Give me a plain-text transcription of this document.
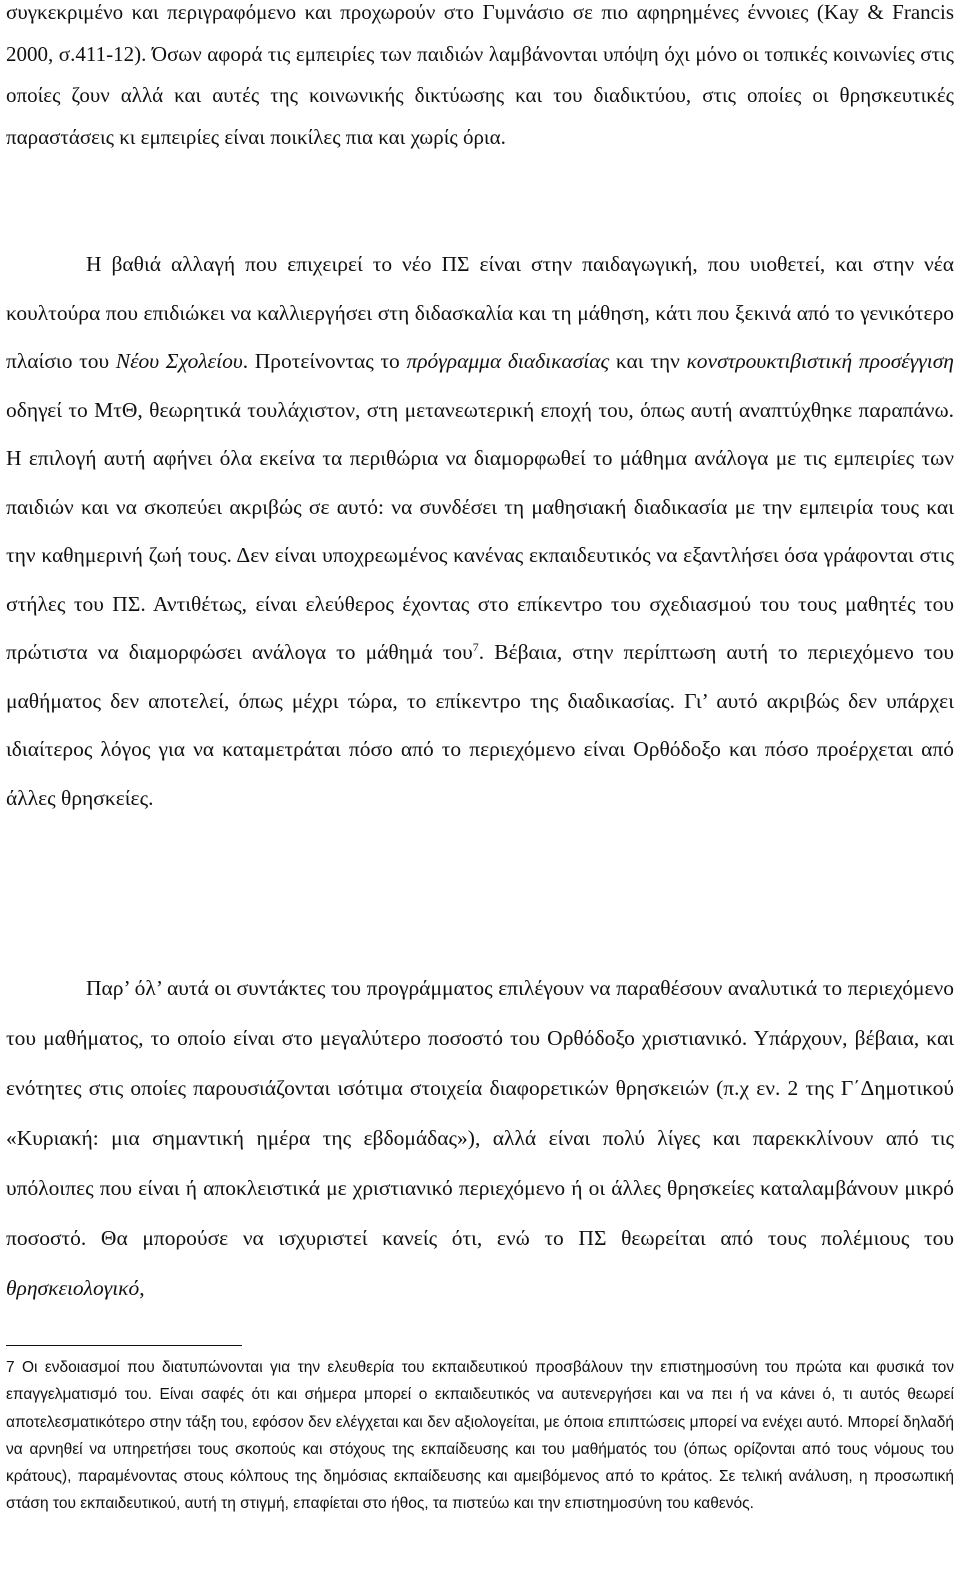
συγκεκριμένο και περιγραφόμενο και προχωρούν στο Γυμνάσιο σε πιο αφηρημένες έννοιες (Kay & Francis 2000, σ.411-12). Όσων αφορά τις εμπειρίες των παιδιών λαμβάνονται υπόψη όχι μόνο οι τοπικές κοινωνίες στις οποίες ζουν αλλά και αυτές της κοινωνικής δικτύωσης και του διαδικτύου, στις οποίες οι θρησκευτικές παραστάσεις κι εμπειρίες είναι ποικίλες πια και χωρίς όρια.

Η βαθιά αλλαγή που επιχειρεί το νέο ΠΣ είναι στην παιδαγωγική, που υιοθετεί, και στην νέα κουλτούρα που επιδιώκει να καλλιεργήσει στη διδασκαλία και τη μάθηση, κάτι που ξεκινά από το γενικότερο πλαίσιο του Νέου Σχολείου. Προτείνοντας το πρόγραμμα διαδικασίας και την κονστρουκτιβιστική προσέγγιση οδηγεί το ΜτΘ, θεωρητικά τουλάχιστον, στη μετανεωτερική εποχή του, όπως αυτή αναπτύχθηκε παραπάνω. Η επιλογή αυτή αφήνει όλα εκείνα τα περιθώρια να διαμορφωθεί το μάθημα ανάλογα με τις εμπειρίες των παιδιών και να σκοπεύει ακριβώς σε αυτό: να συνδέσει τη μαθησιακή διαδικασία με την εμπειρία τους και την καθημερινή ζωή τους. Δεν είναι υποχρεωμένος κανένας εκπαιδευτικός να εξαντλήσει όσα γράφονται στις στήλες του ΠΣ. Αντιθέτως, είναι ελεύθερος έχοντας στο επίκεντρο του σχεδιασμού του τους μαθητές του πρώτιστα να διαμορφώσει ανάλογα το μάθημά του$^7$. Βέβαια, στην περίπτωση αυτή το περιεχόμενο του μαθήματος δεν αποτελεί, όπως μέχρι τώρα, το επίκεντρο της διαδικασίας. Γι’ αυτό ακριβώς δεν υπάρχει ιδιαίτερος λόγος για να καταμετράται πόσο από το περιεχόμενο είναι Ορθόδοξο και πόσο προέρχεται από άλλες θρησκείες.

Παρ’ όλ’ αυτά οι συντάκτες του προγράμματος επιλέγουν να παραθέσουν αναλυτικά το περιεχόμενο του μαθήματος, το οποίο είναι στο μεγαλύτερο ποσοστό του Ορθόδοξο χριστιανικό. Υπάρχουν, βέβαια, και ενότητες στις οποίες παρουσιάζονται ισότιμα στοιχεία διαφορετικών θρησκειών (π.χ εν. 2 της Γ΄Δημοτικού «Κυριακή: μια σημαντική ημέρα της εβδομάδας»), αλλά είναι πολύ λίγες και παρεκκλίνουν από τις υπόλοιπες που είναι ή αποκλειστικά με χριστιανικό περιεχόμενο ή οι άλλες θρησκείες καταλαμβάνουν μικρό ποσοστό. Θα μπορούσε να ισχυριστεί κανείς ότι, ενώ το ΠΣ θεωρείται από τους πολέμιους του θρησκειολογικό,

7 Οι ενδοιασμοί που διατυπώνονται για την ελευθερία του εκπαιδευτικού προσβάλουν την επιστημοσύνη του πρώτα και φυσικά τον επαγγελματισμό του. Είναι σαφές ότι και σήμερα μπορεί ο εκπαιδευτικός να αυτενεργήσει και να πει ή να κάνει ό, τι αυτός θεωρεί αποτελεσματικότερο στην τάξη του, εφόσον δεν ελέγχεται και δεν αξιολογείται, με όποια επιπτώσεις μπορεί να ενέχει αυτό. Μπορεί δηλαδή να αρνηθεί να υπηρετήσει τους σκοπούς και στόχους της εκπαίδευσης και του μαθήματός του (όπως ορίζονται από τους νόμους του κράτους), παραμένοντας στους κόλπους της δημόσιας εκπαίδευσης και αμειβόμενος από το κράτος. Σε τελική ανάλυση, η προσωπική στάση του εκπαιδευτικού, αυτή τη στιγμή, επαφίεται στο ήθος, τα πιστεύω και την επιστημοσύνη του καθενός.
